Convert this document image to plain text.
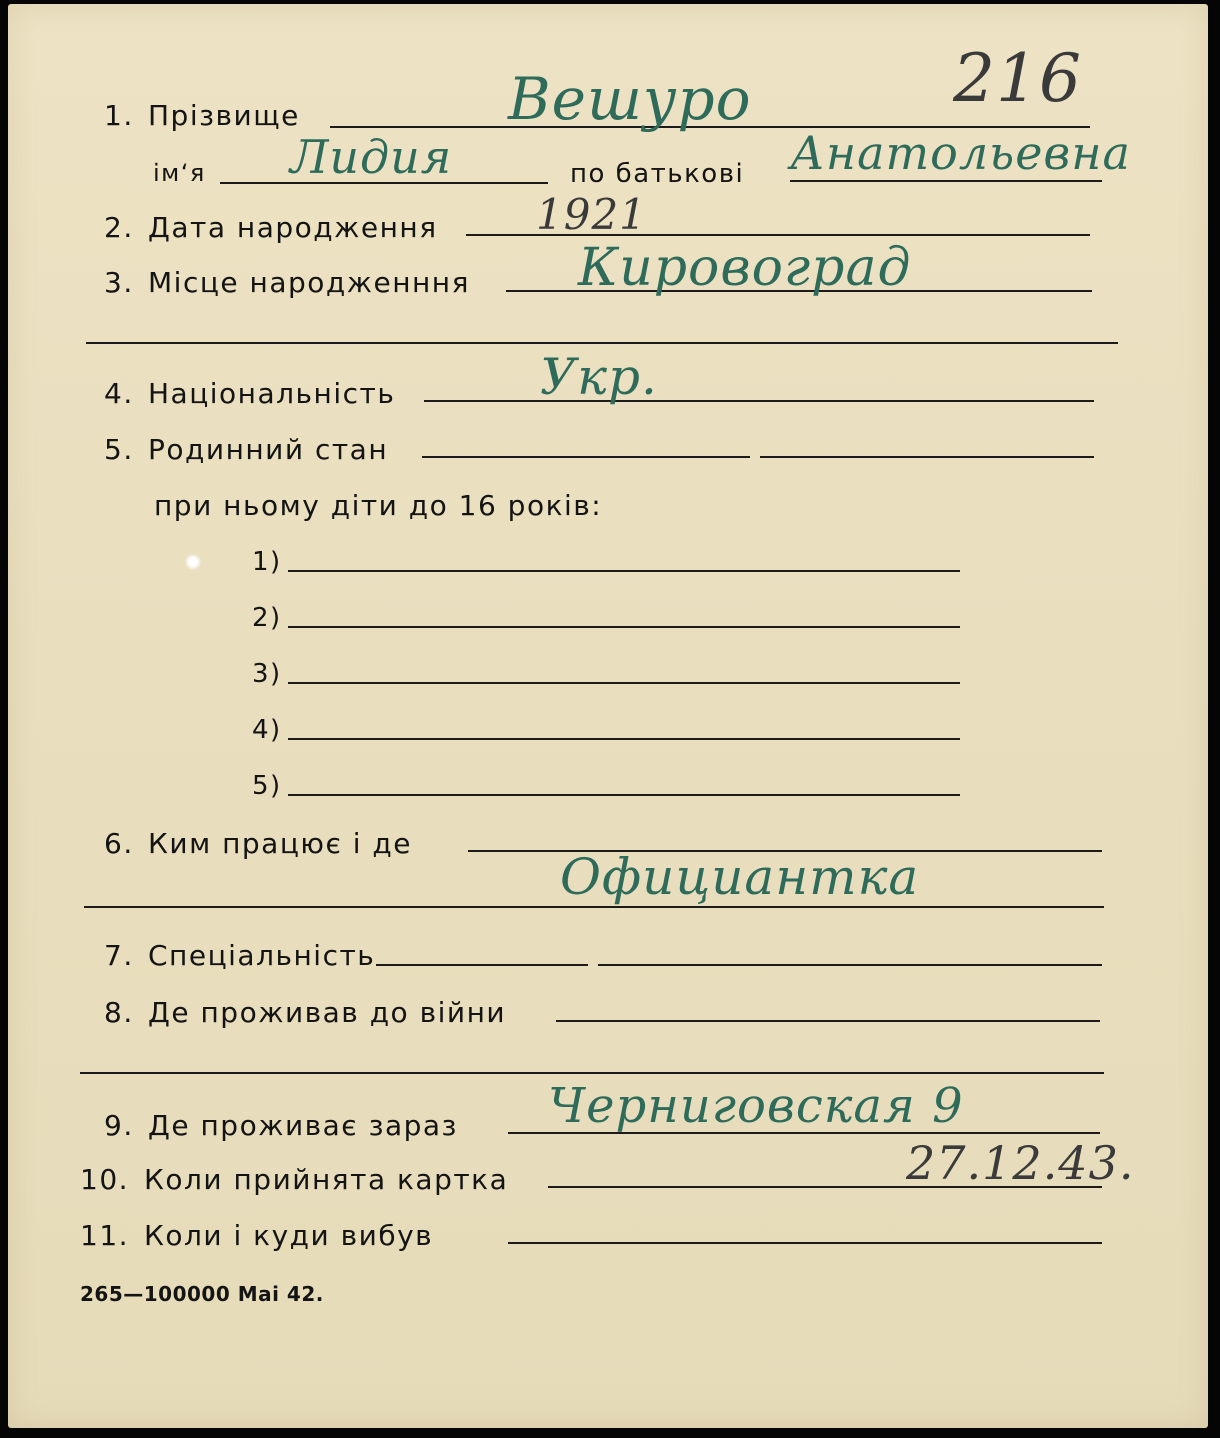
216
1. Прізвище	Вешуро
ім‘я Лидия	по батькові Анатольевна
2. Дата народження 1921
3. Місце народженння Кировоград
4. Національність	Укр.
5. Родинний стан
при ньому діти до 16 років:
1)
2)
3)
4)
5)
6. Ким працює і де
Официантка
7. Спеціальність
8. Де проживав до війни
9. Де проживає зараз Черниговская 9
10. Коли прийнята картка	27.12.43.
11. Коли і куди вибув
265—100000 Маі 42.
